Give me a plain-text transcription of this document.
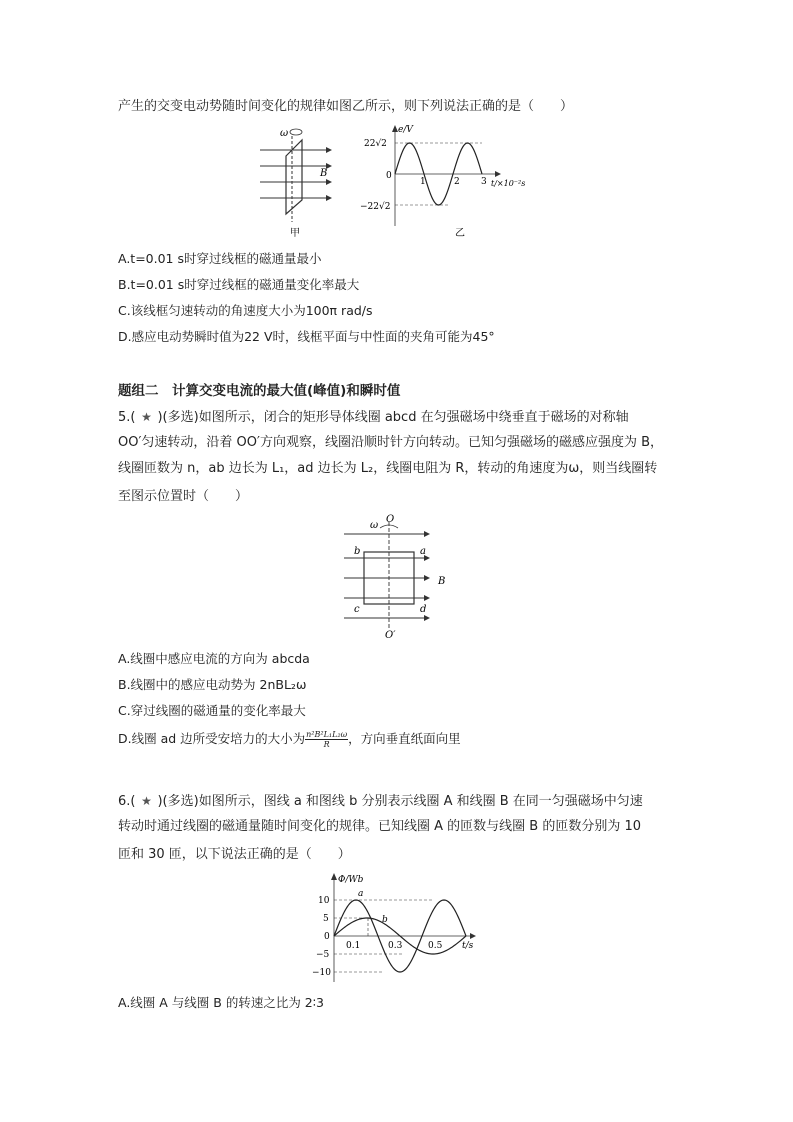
产生的交变电动势随时间变化的规律如图乙所示，则下列说法正确的是（　　）
ω
B
甲
e/V
22√2
−22√2
0
1	2 3 t/×10⁻²s
乙
A.t=0.01 s时穿过线框的磁通量最小
B.t=0.01 s时穿过线框的磁通量变化率最大
C.该线框匀速转动的角速度大小为100π rad/s
D.感应电动势瞬时值为22 V时，线框平面与中性面的夹角可能为45°
题组二　计算交变电流的最大值(峰值)和瞬时值
5.( ★ )(多选)如图所示，闭合的矩形导体线圈 abcd 在匀强磁场中绕垂直于磁场的对称轴
OO′匀速转动，沿着 OO′方向观察，线圈沿顺时针方向转动。已知匀强磁场的磁感应强度为 B，
线圈匝数为 n，ab 边长为 L₁，ad 边长为 L₂，线圈电阻为 R，转动的角速度为ω，则当线圈转
至图示位置时（　　）
O
O′
ω
a
b
c	d
B
A.线圈中感应电流的方向为 abcda
B.线圈中的感应电动势为 2nBL₂ω
C.穿过线圈的磁通量的变化率最大
D.线圈 ad 边所受安培力的大小为 $\frac{\text{n²B²L₁L₂ω}}{R}$ ，方向垂直纸面向里
6.( ★ )(多选)如图所示，图线 a 和图线 b 分别表示线圈 A 和线圈 B 在同一匀强磁场中匀速
转动时通过线圈的磁通量随时间变化的规律。已知线圈 A 的匝数与线圈 B 的匝数分别为 10
匝和 30 匝，以下说法正确的是（　　）
Φ/Wb
10
5
0
−5
−10
0.1	0.3	0.5 t/s
a
b
A.线圈 A 与线圈 B 的转速之比为 2∶3
